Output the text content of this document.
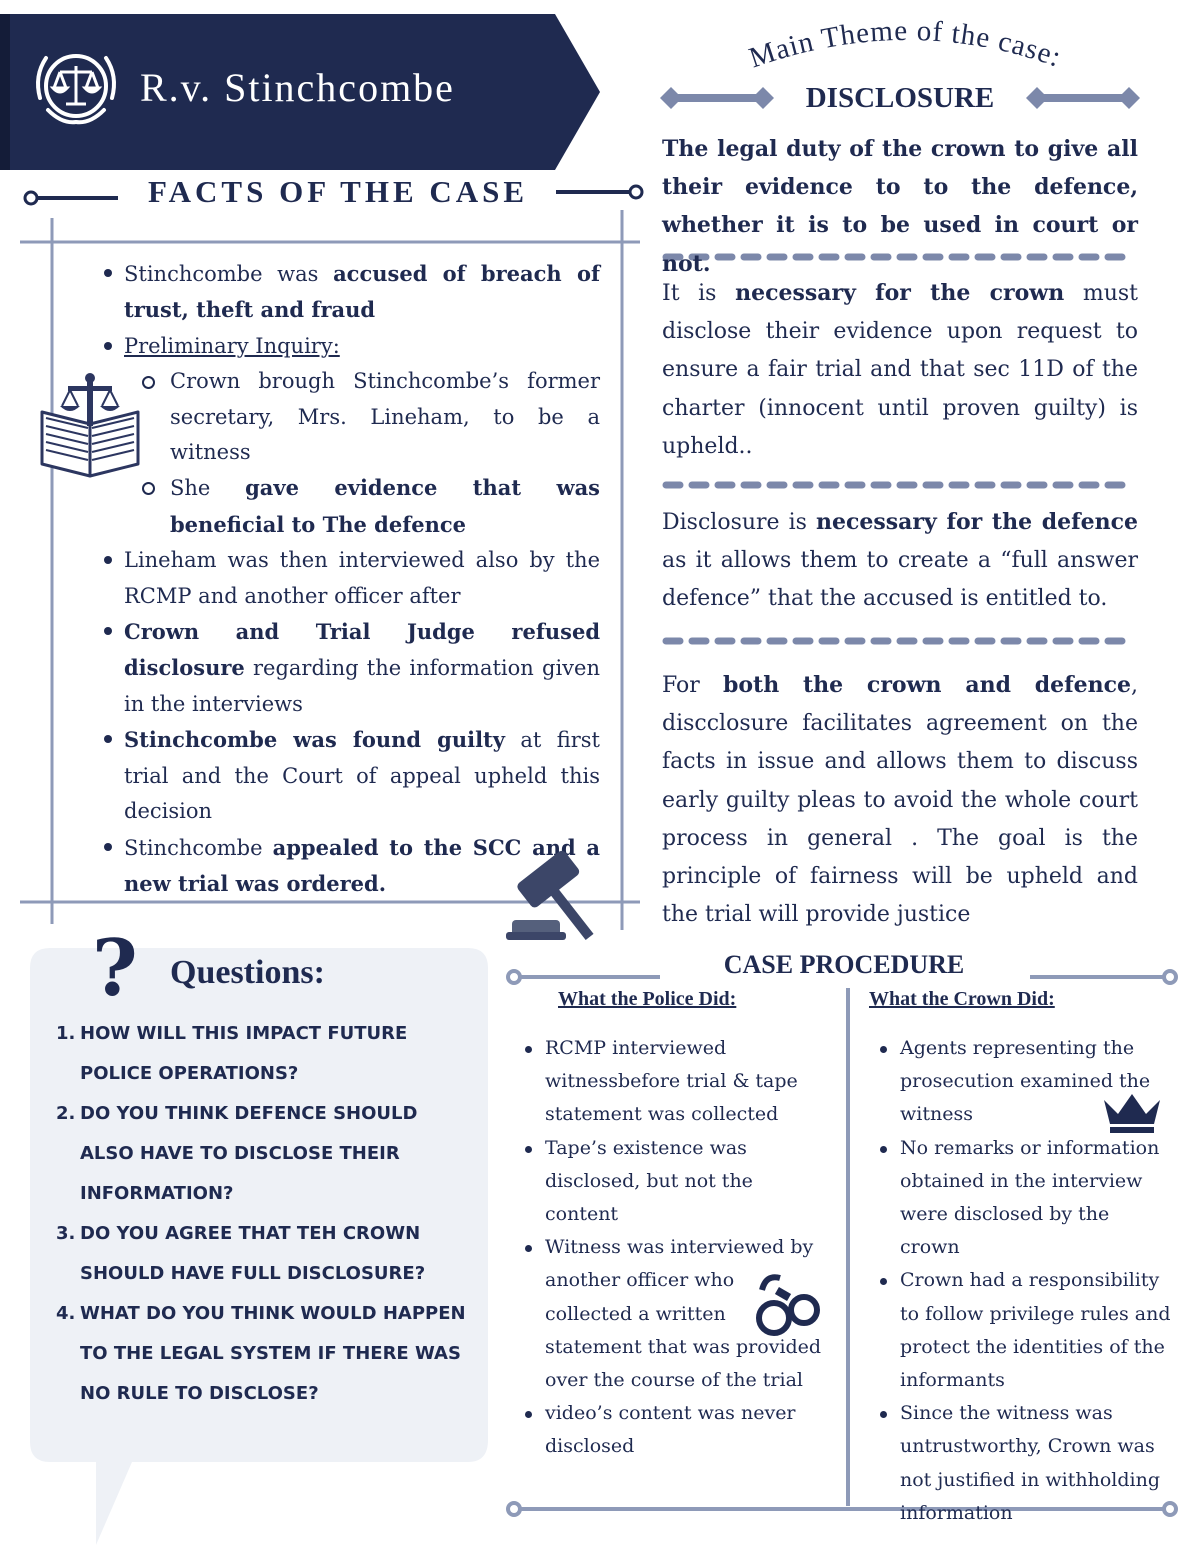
?
R.v. Stinchcombe
FACTS OF THE CASE
Stinchcombe was accused of breach of trust, theft and fraud
Preliminary Inquiry:
Crown brough Stinchcombe’s former secretary, Mrs. Lineham, to be a witness
She gave evidence that was beneficial to The defence
Lineham was then interviewed also by the RCMP and another officer after
Crown and Trial Judge refused disclosure regarding the information given in the interviews
Stinchcombe was found guilty at first trial and the Court of appeal upheld this decision
Stinchcombe appealed to the SCC and a new trial was ordered.
Main Theme of the case:
DISCLOSURE
The legal duty of the crown to give all their evidence to to the defence, whether it is to be used in court or not.
It is necessary for the crown must disclose their evidence upon request to ensure a fair trial and that sec 11D of the charter (innocent until proven guilty) is upheld..
Disclosure is necessary for the defence as it allows them to create a “full answer defence” that the accused is entitled to.
For both the crown and defence, discclosure facilitates agreement on the facts in issue and allows them to discuss early guilty pleas to avoid the whole court process in general . The goal is the principle of fairness will be upheld and the trial will provide justice
Questions:
1. HOW WILL THIS IMPACT FUTURE POLICE OPERATIONS?
2. DO YOU THINK DEFENCE SHOULD ALSO HAVE TO DISCLOSE THEIR INFORMATION?
3. DO YOU AGREE THAT TEH CROWN SHOULD HAVE FULL DISCLOSURE?
4. WHAT DO YOU THINK WOULD HAPPEN TO THE LEGAL SYSTEM IF THERE WAS NO RULE TO DISCLOSE?
CASE PROCEDURE
What the Police Did:	What the Crown Did:
RCMP interviewed witnessbefore trial & tape statement was collected
Tape’s existence was disclosed, but not the content
Witness was interviewed by another officer who collected a written statement that was provided over the course of the trial
video’s content was never disclosed
Agents representing the prosecution examined the witness
No remarks or information obtained in the interview were disclosed by the crown
Crown had a responsibility to follow privilege rules and protect the identities of the informants
Since the witness was untrustworthy, Crown was not justified in withholding information
